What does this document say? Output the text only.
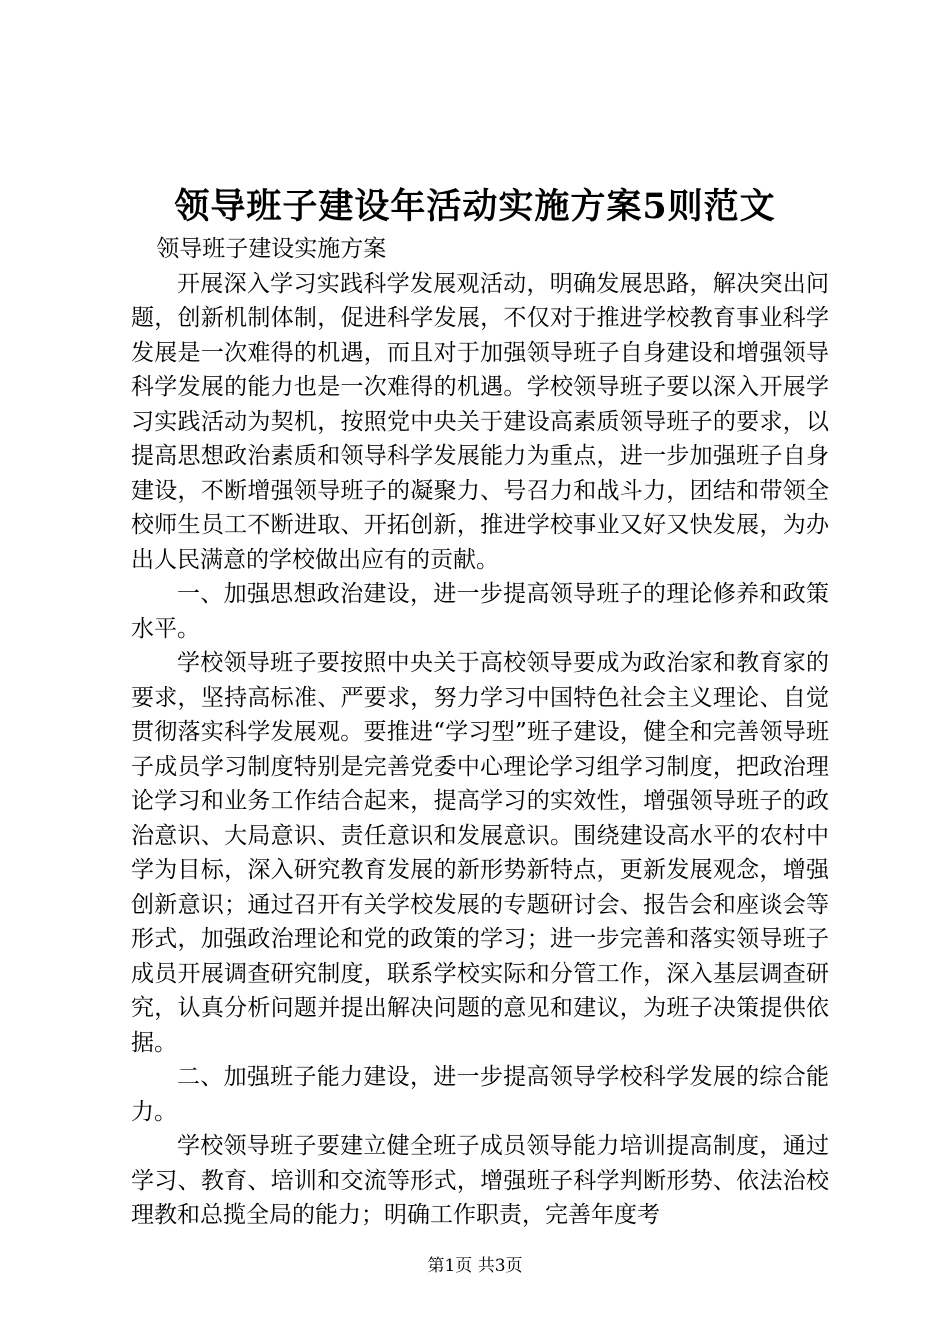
领导班子建设年活动实施方案5则范文

领导班子建设实施方案

开展深入学习实践科学发展观活动，明确发展思路，解决突出问题，创新机制体制，促进科学发展，不仅对于推进学校教育事业科学发展是一次难得的机遇，而且对于加强领导班子自身建设和增强领导科学发展的能力也是一次难得的机遇。学校领导班子要以深入开展学习实践活动为契机，按照党中央关于建设高素质领导班子的要求，以提高思想政治素质和领导科学发展能力为重点，进一步加强班子自身建设，不断增强领导班子的凝聚力、号召力和战斗力，团结和带领全校师生员工不断进取、开拓创新，推进学校事业又好又快发展，为办出人民满意的学校做出应有的贡献。

一、加强思想政治建设，进一步提高领导班子的理论修养和政策水平。

学校领导班子要按照中央关于高校领导要成为政治家和教育家的要求，坚持高标准、严要求，努力学习中国特色社会主义理论、自觉贯彻落实科学发展观。要推进“学习型”班子建设，健全和完善领导班子成员学习制度特别是完善党委中心理论学习组学习制度，把政治理论学习和业务工作结合起来，提高学习的实效性，增强领导班子的政治意识、大局意识、责任意识和发展意识。围绕建设高水平的农村中学为目标，深入研究教育发展的新形势新特点，更新发展观念，增强创新意识；通过召开有关学校发展的专题研讨会、报告会和座谈会等形式，加强政治理论和党的政策的学习；进一步完善和落实领导班子成员开展调查研究制度，联系学校实际和分管工作，深入基层调查研究，认真分析问题并提出解决问题的意见和建议，为班子决策提供依据。

二、加强班子能力建设，进一步提高领导学校科学发展的综合能力。

学校领导班子要建立健全班子成员领导能力培训提高制度，通过学习、教育、培训和交流等形式，增强班子科学判断形势、依法治校理教和总揽全局的能力；明确工作职责，完善年度考

第1页 共3页
